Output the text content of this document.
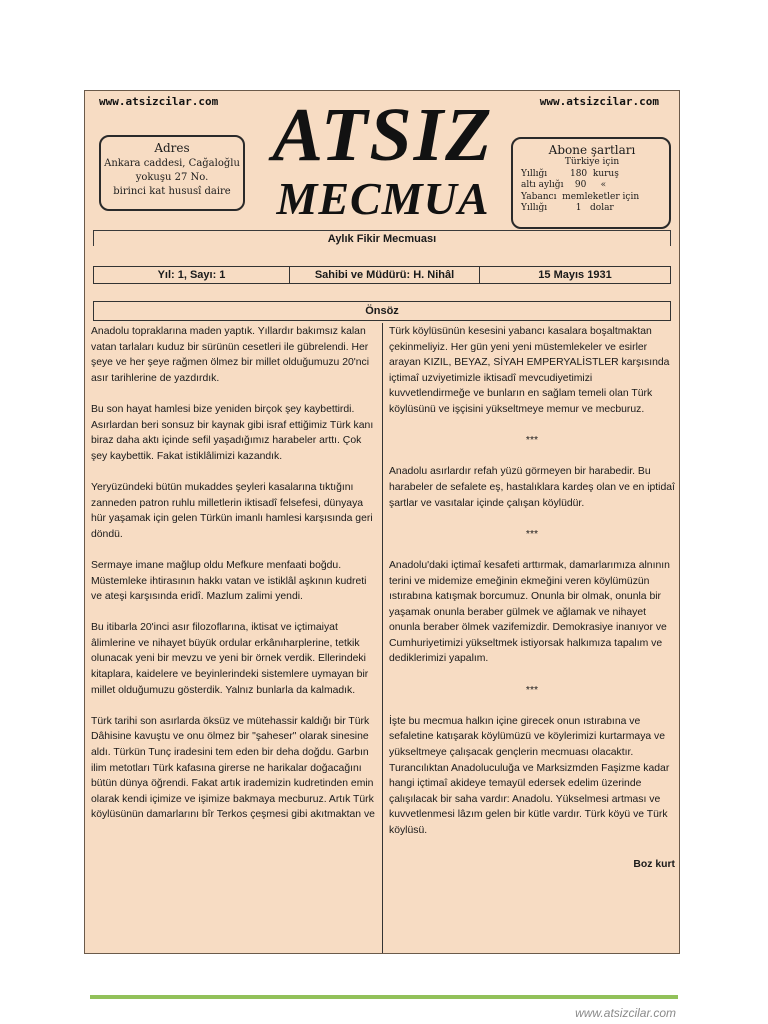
www.atsizcilar.com	www.atsizcilar.com
ATSIZ
MECMUA
Adres
Ankara caddesi, Cağaloğlu
yokuşu 27 No.
birinci kat hususî daire
Abone şartları
Türkiye için
Yıllığı        180  kuruş
altı aylığı    90     «
Yabancı  memleketler için
Yıllığı          1   dolar
Aylık Fikir Mecmuası
Yıl: 1, Sayı: 1	Sahibi ve Müdürü: H. Nihâl	15 Mayıs 1931
Önsöz

Anadolu topraklarına maden yaptık. Yıllardır bakımsız kalan vatan tarlaları kuduz bir sürünün cesetleri ile gübrelendi. Her şeye ve her şeye rağmen ölmez bir millet olduğumuzu 20'nci asır tarihlerine de yazdırdık.

Bu son hayat hamlesi bize yeniden birçok şey kaybettirdi. Asırlardan beri sonsuz bir kaynak gibi israf ettiğimiz Türk kanı biraz daha aktı içinde sefil yaşadığımız harabeler arttı. Çok şey kaybettik. Fakat istiklâlimizi kazandık.

Yeryüzündeki bütün mukaddes şeyleri kasalarına tıktığını zanneden patron ruhlu milletlerin iktisadî felsefesi, dünyaya hür yaşamak için gelen Türkün imanlı hamlesi karşısında geri döndü.

Sermaye imane mağlup oldu Mefkure menfaati boğdu. Müstemleke ihtirasının hakkı vatan ve istiklâl aşkının kudreti ve ateşi karşısında eridî. Mazlum zalimi yendi.

Bu itibarla 20'inci asır filozoflarına, iktisat ve içtimaiyat âlimlerine ve nihayet büyük ordular erkânıharplerine, tetkik olunacak yeni bir mevzu ve yeni bir örnek verdik. Ellerindeki kitaplara, kaidelere ve beyinlerindeki sistemlere uymayan bir millet olduğumuzu gösterdik. Yalnız bunlarla da kalmadık.

Türk tarihi son asırlarda öksüz ve mütehassir kaldığı bir Türk Dâhisine kavuştu ve onu ölmez bir "şaheser" olarak sinesine aldı. Türkün Tunç iradesini tem eden bir deha doğdu. Garbın ilim metotları Türk kafasına girerse ne harikalar doğacağını bütün dünya öğrendi. Fakat artık irademizin kudretinden emin olarak kendi içimize ve işimize bakmaya mecburuz. Artık Türk köylüsünün damarlarını bîr Terkos çeşmesi gibi akıtmaktan ve

Türk köylüsünün kesesini yabancı kasalara boşaltmaktan çekinmeliyiz. Her gün yeni yeni müstemlekeler ve esirler arayan KIZIL, BEYAZ, SİYAH EMPERYALİSTLER karşısında içtimaî uzviyetimizle iktisadî mevcudiyetimizi kuvvetlendirmeğe ve bunların en sağlam temeli olan Türk köylüsünü ve işçisini yükseltmeye memur ve mecburuz.

***

Anadolu asırlardır refah yüzü görmeyen bir harabedir. Bu harabeler de sefalete eş, hastalıklara kardeş olan ve en iptidaî şartlar ve vasıtalar içinde çalışan köylüdür.

***

Anadolu'daki içtimaî kesafeti arttırmak, damarlarımıza alnının terini ve midemize emeğinin ekmeğini veren köylümüzün ıstırabına katışmak borcumuz. Onunla bir olmak, onunla bir yaşamak onunla beraber gülmek ve ağlamak ve nihayet onunla beraber ölmek vazifemizdir. Demokrasiye inanıyor ve Cumhuriyetimizi yükseltmek istiyorsak halkımıza tapalım ve dediklerimizi yapalım.

***

İşte bu mecmua halkın içine girecek onun ıstırabına ve sefaletine katışarak köylümüzü ve köylerimizi kurtarmaya ve yükseltmeye çalışacak gençlerin mecmuası olacaktır. Turancılıktan Anadoluculuğa ve Marksizmden Faşizme kadar hangi içtimaî akideye temayül edersek edelim üzerinde çalışılacak bir saha vardır: Anadolu. Yükselmesi artması ve kuvvetlenmesi lâzım gelen bir kütle vardır. Türk köyü ve Türk köylüsü.

Boz kurt

www.atsizcilar.com
